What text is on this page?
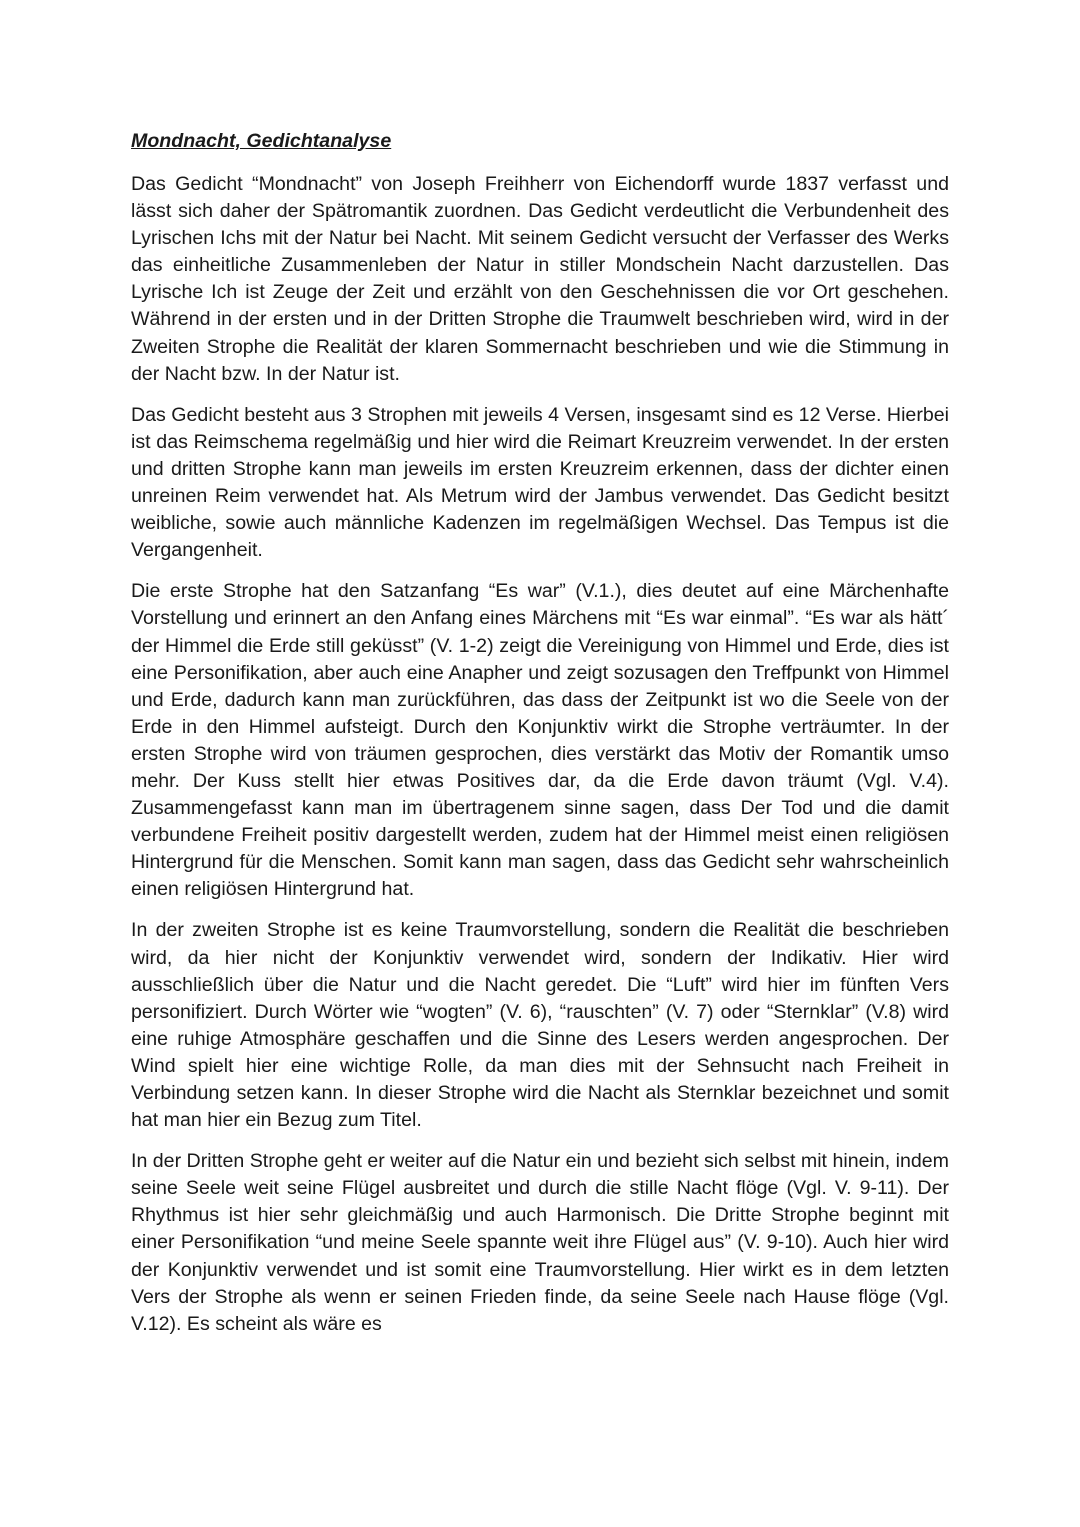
Mondnacht, Gedichtanalyse

Das Gedicht “Mondnacht” von Joseph Freihherr von Eichendorff wurde 1837 verfasst und lässt sich daher der Spätromantik zuordnen. Das Gedicht verdeutlicht die Verbundenheit des Lyrischen Ichs mit der Natur bei Nacht. Mit seinem Gedicht versucht der Verfasser des Werks das einheitliche Zusammenleben der Natur in stiller Mondschein Nacht darzustellen. Das Lyrische Ich ist Zeuge der Zeit und erzählt von den Geschehnissen die vor Ort geschehen. Während in der ersten und in der Dritten Strophe die Traumwelt beschrieben wird, wird in der Zweiten Strophe die Realität der klaren Sommernacht beschrieben und wie die Stimmung in der Nacht bzw. In der Natur ist.

Das Gedicht besteht aus 3 Strophen mit jeweils 4 Versen, insgesamt sind es 12 Verse. Hierbei ist das Reimschema regelmäßig und hier wird die Reimart Kreuzreim verwendet. In der ersten und dritten Strophe kann man jeweils im ersten Kreuzreim erkennen, dass der dichter einen unreinen Reim verwendet hat. Als Metrum wird der Jambus verwendet. Das Gedicht besitzt weibliche, sowie auch männliche Kadenzen im regelmäßigen Wechsel. Das Tempus ist die Vergangenheit.

Die erste Strophe hat den Satzanfang “Es war” (V.1.), dies deutet auf eine Märchenhafte Vorstellung und erinnert an den Anfang eines Märchens mit “Es war einmal”. “Es war als hätt´ der Himmel die Erde still geküsst” (V. 1-2) zeigt die Vereinigung von Himmel und Erde, dies ist eine Personifikation, aber auch eine Anapher und zeigt sozusagen den Treffpunkt von Himmel und Erde, dadurch kann man zurückführen, das dass der Zeitpunkt ist wo die Seele von der Erde in den Himmel aufsteigt. Durch den Konjunktiv wirkt die Strophe verträumter. In der ersten Strophe wird von träumen gesprochen, dies verstärkt das Motiv der Romantik umso mehr. Der Kuss stellt hier etwas Positives dar, da die Erde davon träumt (Vgl. V.4). Zusammengefasst kann man im übertragenem sinne sagen, dass Der Tod und die damit verbundene Freiheit positiv dargestellt werden, zudem hat der Himmel meist einen religiösen Hintergrund für die Menschen. Somit kann man sagen, dass das Gedicht sehr wahrscheinlich einen religiösen Hintergrund hat.

In der zweiten Strophe ist es keine Traumvorstellung, sondern die Realität die beschrieben wird, da hier nicht der Konjunktiv verwendet wird, sondern der Indikativ. Hier wird ausschließlich über die Natur und die Nacht geredet. Die “Luft” wird hier im fünften Vers personifiziert. Durch Wörter wie “wogten” (V. 6), “rauschten” (V. 7) oder “Sternklar” (V.8) wird eine ruhige Atmosphäre geschaffen und die Sinne des Lesers werden angesprochen. Der Wind spielt hier eine wichtige Rolle, da man dies mit der Sehnsucht nach Freiheit in Verbindung setzen kann. In dieser Strophe wird die Nacht als Sternklar bezeichnet und somit hat man hier ein Bezug zum Titel.

In der Dritten Strophe geht er weiter auf die Natur ein und bezieht sich selbst mit hinein, indem seine Seele weit seine Flügel ausbreitet und durch die stille Nacht flöge (Vgl. V. 9-11). Der Rhythmus ist hier sehr gleichmäßig und auch Harmonisch. Die Dritte Strophe beginnt mit einer Personifikation “und meine Seele spannte weit ihre Flügel aus” (V. 9-10). Auch hier wird der Konjunktiv verwendet und ist somit eine Traumvorstellung. Hier wirkt es in dem letzten Vers der Strophe als wenn er seinen Frieden finde, da seine Seele nach Hause flöge (Vgl. V.12). Es scheint als wäre es
